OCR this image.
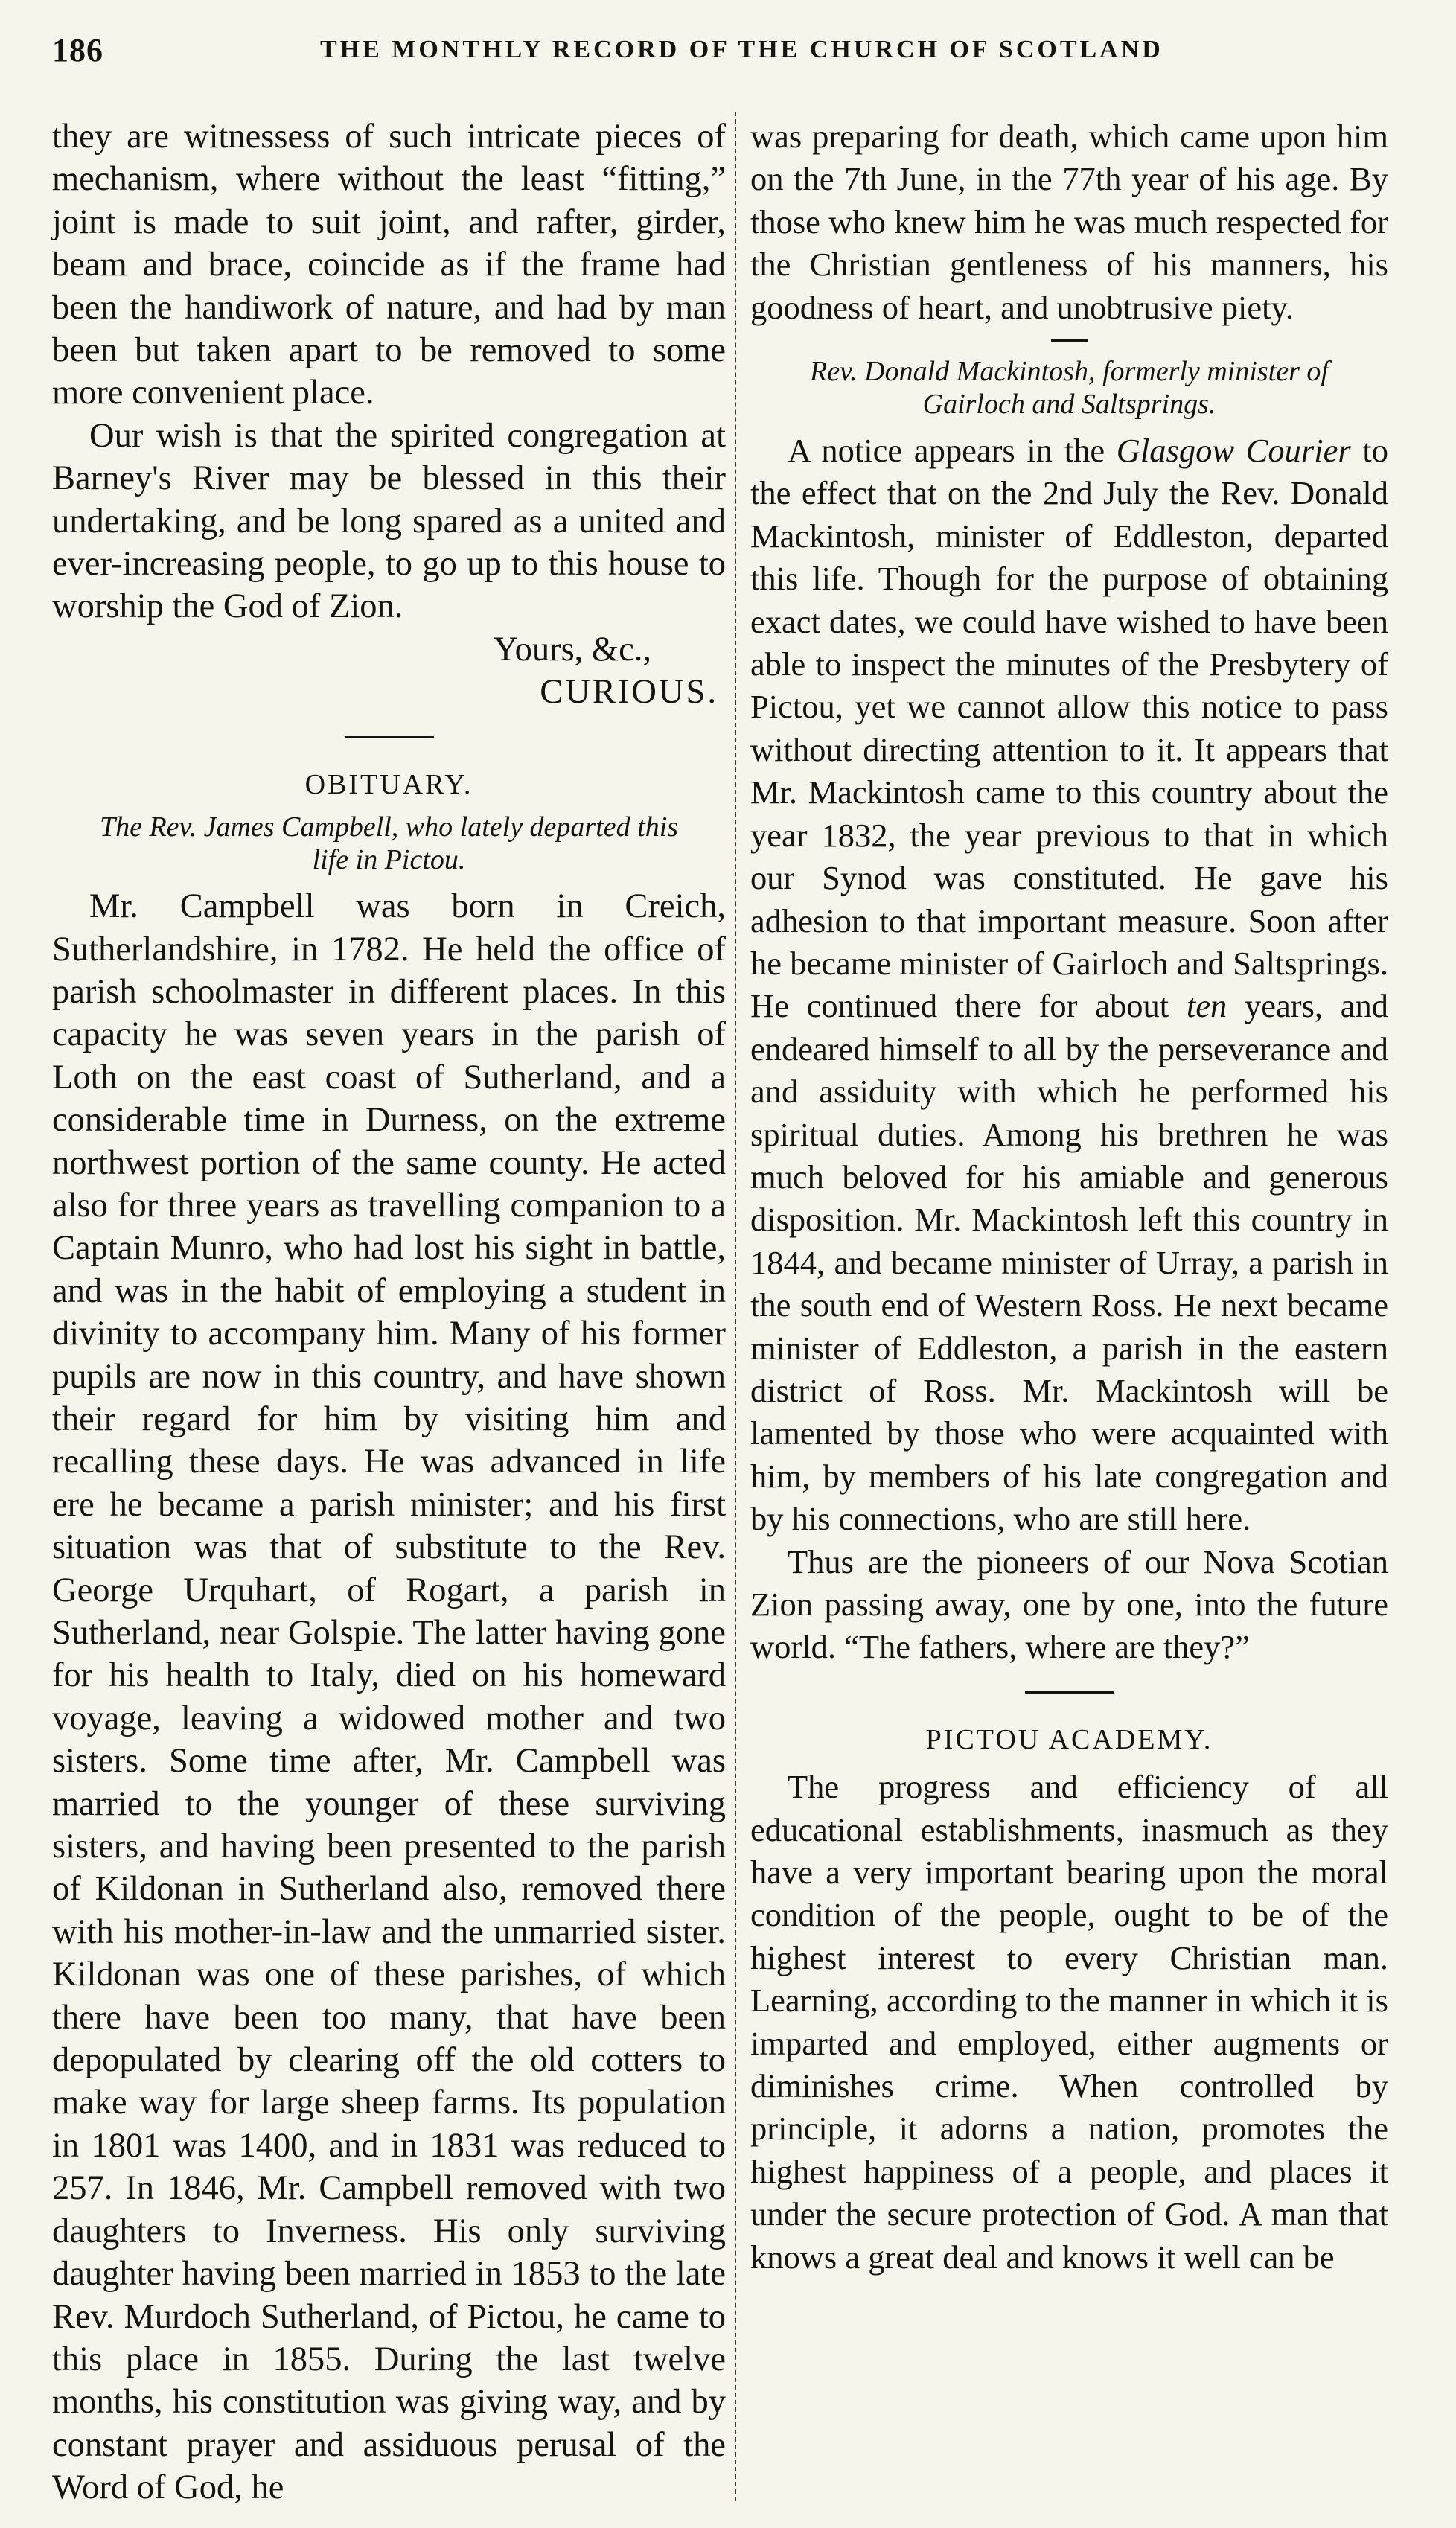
186	THE MONTHLY RECORD OF THE CHURCH OF SCOTLAND

they are witnessess of such intricate pieces of mechanism, where without the least “fitting,” joint is made to suit joint, and rafter, girder, beam and brace, coincide as if the frame had been the handiwork of nature, and had by man been but taken apart to be removed to some more convenient place.

Our wish is that the spirited congregation at Barney's River may be blessed in this their undertaking, and be long spared as a united and ever-increasing people, to go up to this house to worship the God of Zion.

Yours, &c.,

CURIOUS.

OBITUARY.

The Rev. James Campbell, who lately departed this life in Pictou.

Mr. Campbell was born in Creich, Sutherlandshire, in 1782. He held the office of parish schoolmaster in different places. In this capacity he was seven years in the parish of Loth on the east coast of Sutherland, and a considerable time in Durness, on the extreme northwest portion of the same county. He acted also for three years as travelling companion to a Captain Munro, who had lost his sight in battle, and was in the habit of employing a student in divinity to accompany him. Many of his former pupils are now in this country, and have shown their regard for him by visiting him and recalling these days. He was advanced in life ere he became a parish minister; and his first situation was that of substitute to the Rev. George Urquhart, of Rogart, a parish in Sutherland, near Golspie. The latter having gone for his health to Italy, died on his homeward voyage, leaving a widowed mother and two sisters. Some time after, Mr. Campbell was married to the younger of these surviving sisters, and having been presented to the parish of Kildonan in Sutherland also, removed there with his mother-in-law and the unmarried sister. Kildonan was one of these parishes, of which there have been too many, that have been depopulated by clearing off the old cotters to make way for large sheep farms. Its population in 1801 was 1400, and in 1831 was reduced to 257. In 1846, Mr. Campbell removed with two daughters to Inverness. His only surviving daughter having been married in 1853 to the late Rev. Murdoch Sutherland, of Pictou, he came to this place in 1855. During the last twelve months, his constitution was giving way, and by constant prayer and assiduous perusal of the Word of God, he

was preparing for death, which came upon him on the 7th June, in the 77th year of his age. By those who knew him he was much respected for the Christian gentleness of his manners, his goodness of heart, and unobtrusive piety.

Rev. Donald Mackintosh, formerly minister of Gairloch and Saltsprings.

A notice appears in the Glasgow Courier to the effect that on the 2nd July the Rev. Donald Mackintosh, minister of Eddleston, departed this life. Though for the purpose of obtaining exact dates, we could have wished to have been able to inspect the minutes of the Presbytery of Pictou, yet we cannot allow this notice to pass without directing attention to it. It appears that Mr. Mackintosh came to this country about the year 1832, the year previous to that in which our Synod was constituted. He gave his adhesion to that important measure. Soon after he became minister of Gairloch and Saltsprings. He continued there for about ten years, and endeared himself to all by the perseverance and and assiduity with which he performed his spiritual duties. Among his brethren he was much beloved for his amiable and generous disposition. Mr. Mackintosh left this country in 1844, and became minister of Urray, a parish in the south end of Western Ross. He next became minister of Eddleston, a parish in the eastern district of Ross. Mr. Mackintosh will be lamented by those who were acquainted with him, by members of his late congregation and by his connections, who are still here.

Thus are the pioneers of our Nova Scotian Zion passing away, one by one, into the future world. “The fathers, where are they?”

PICTOU ACADEMY.

The progress and efficiency of all educational establishments, inasmuch as they have a very important bearing upon the moral condition of the people, ought to be of the highest interest to every Christian man. Learning, according to the manner in which it is imparted and employed, either augments or diminishes crime. When controlled by principle, it adorns a nation, promotes the highest happiness of a people, and places it under the secure protection of God. A man that knows a great deal and knows it well can be
